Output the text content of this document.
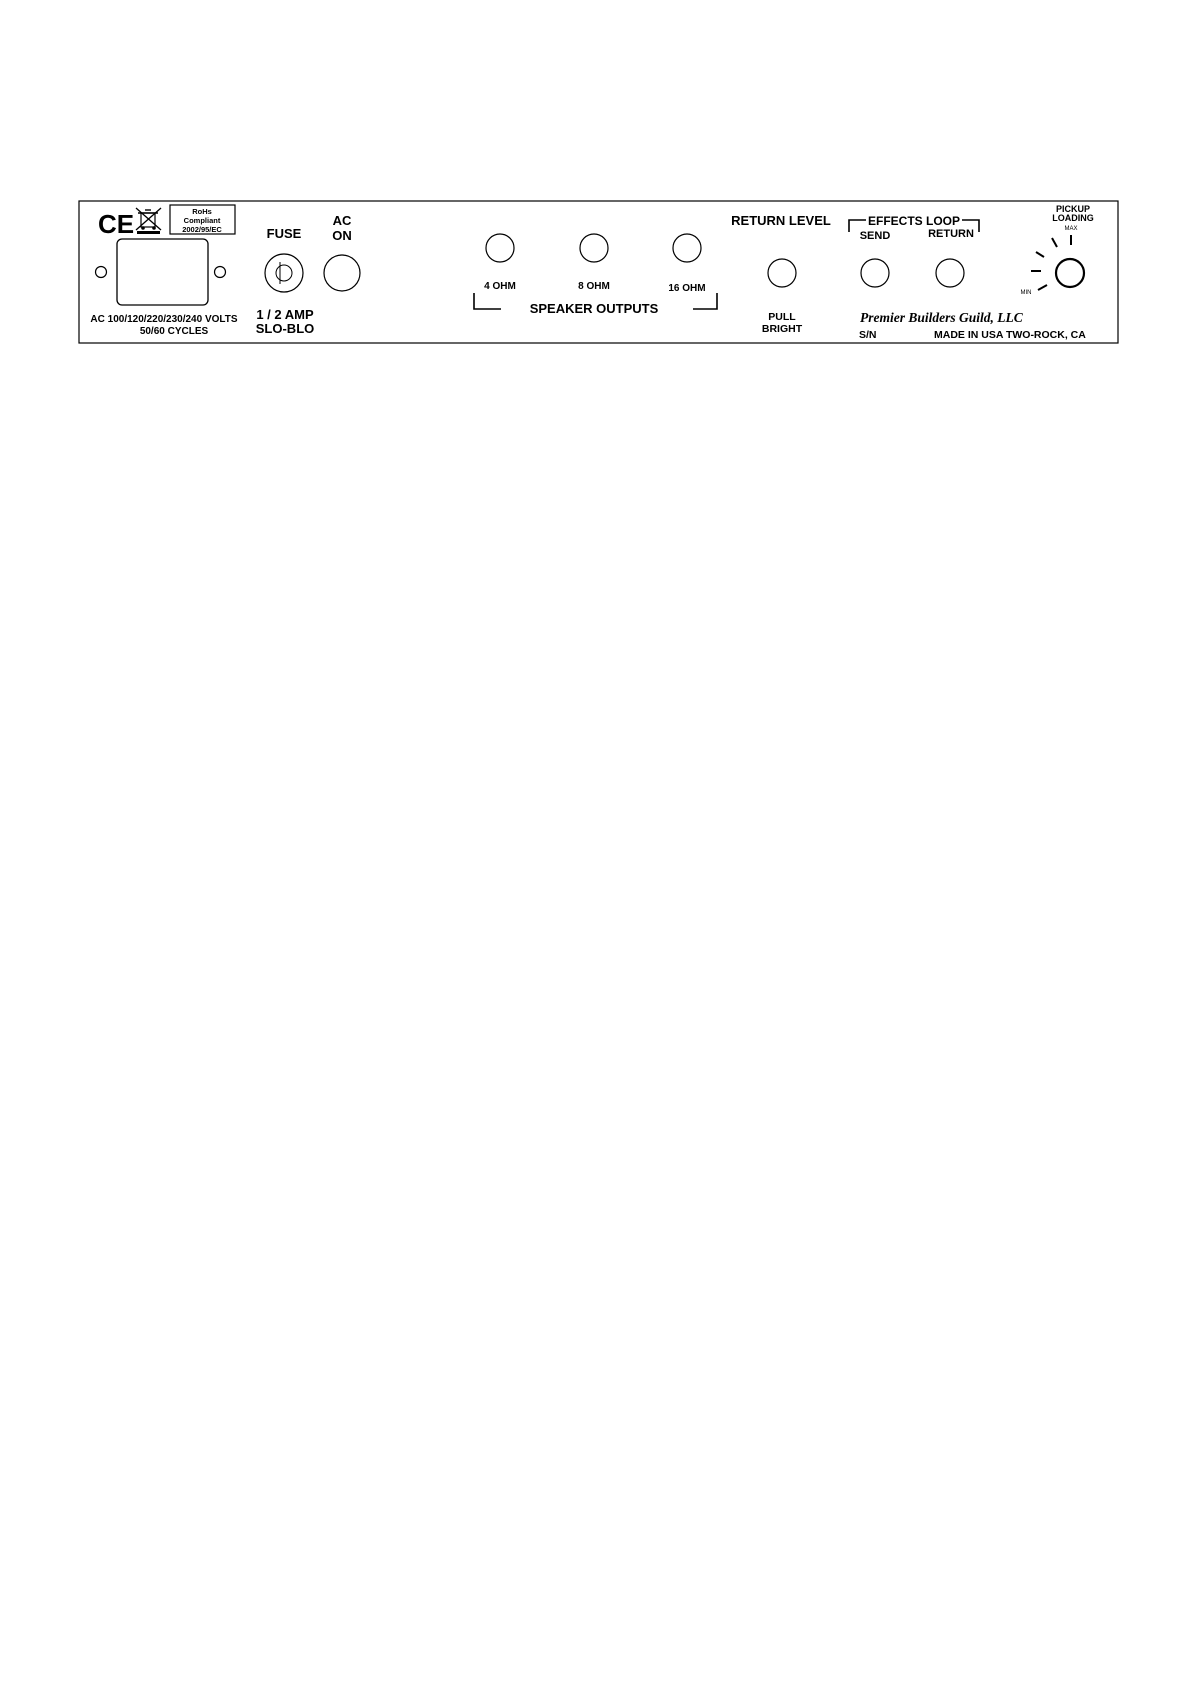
CE	RoHs
Compliant
2002/95/EC
AC 100/120/220/230/240 VOLTS
50/60 CYCLES
FUSE
1 / 2 AMP
SLO-BLO
AC
ON
4 OHM	8 OHM	16 OHM
SPEAKER OUTPUTS
RETURN LEVEL
PULL
BRIGHT
EFFECTS LOOP
SEND	RETURN
PICKUP
LOADING
MAX
MIN
Premier Builders Guild, LLC
S/N	MADE IN USA TWO-ROCK, CA
